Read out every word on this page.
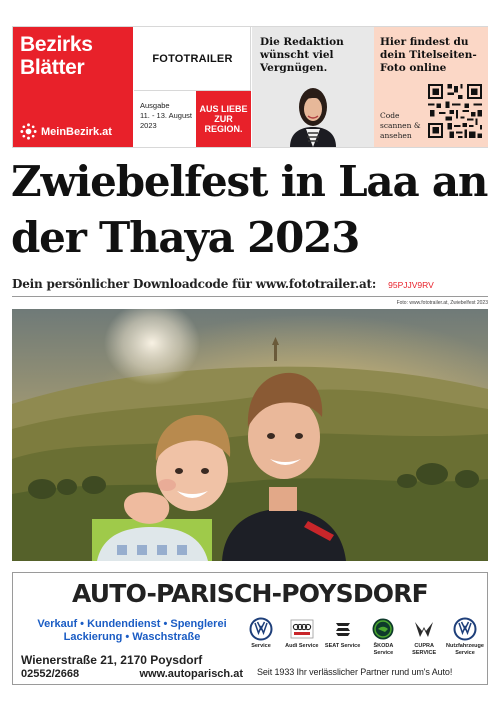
Bezirks Blätter
MeinBezirk.at
FOTOTRAILER
Ausgabe
11. - 13. August 2023
AUS LIEBE ZUR REGION.
Die Redaktion wünscht viel Vergnügen.
Hier findest du dein Titelseiten-Foto online
Code scannen & ansehen
Zwiebelfest in Laa an der Thaya 2023
Dein persönlicher Downloadcode für www.fototrailer.at: 95PJJV9RV
Foto: www.fototrailer.at, Zwiebelfest 2023
AUTO-PARISCH-POYSDORF
Verkauf • Kundendienst • Spenglerei
Lackierung • Waschstraße
Wienerstraße 21, 2170 Poysdorf
02552/2668	www.autoparisch.at
Service	Audi Service SEAT Service	ŠKODA Service
CUPRA SERVICE
Nutzfahrzeuge Service
Seit 1933 Ihr verlässlicher Partner rund um's Auto!
